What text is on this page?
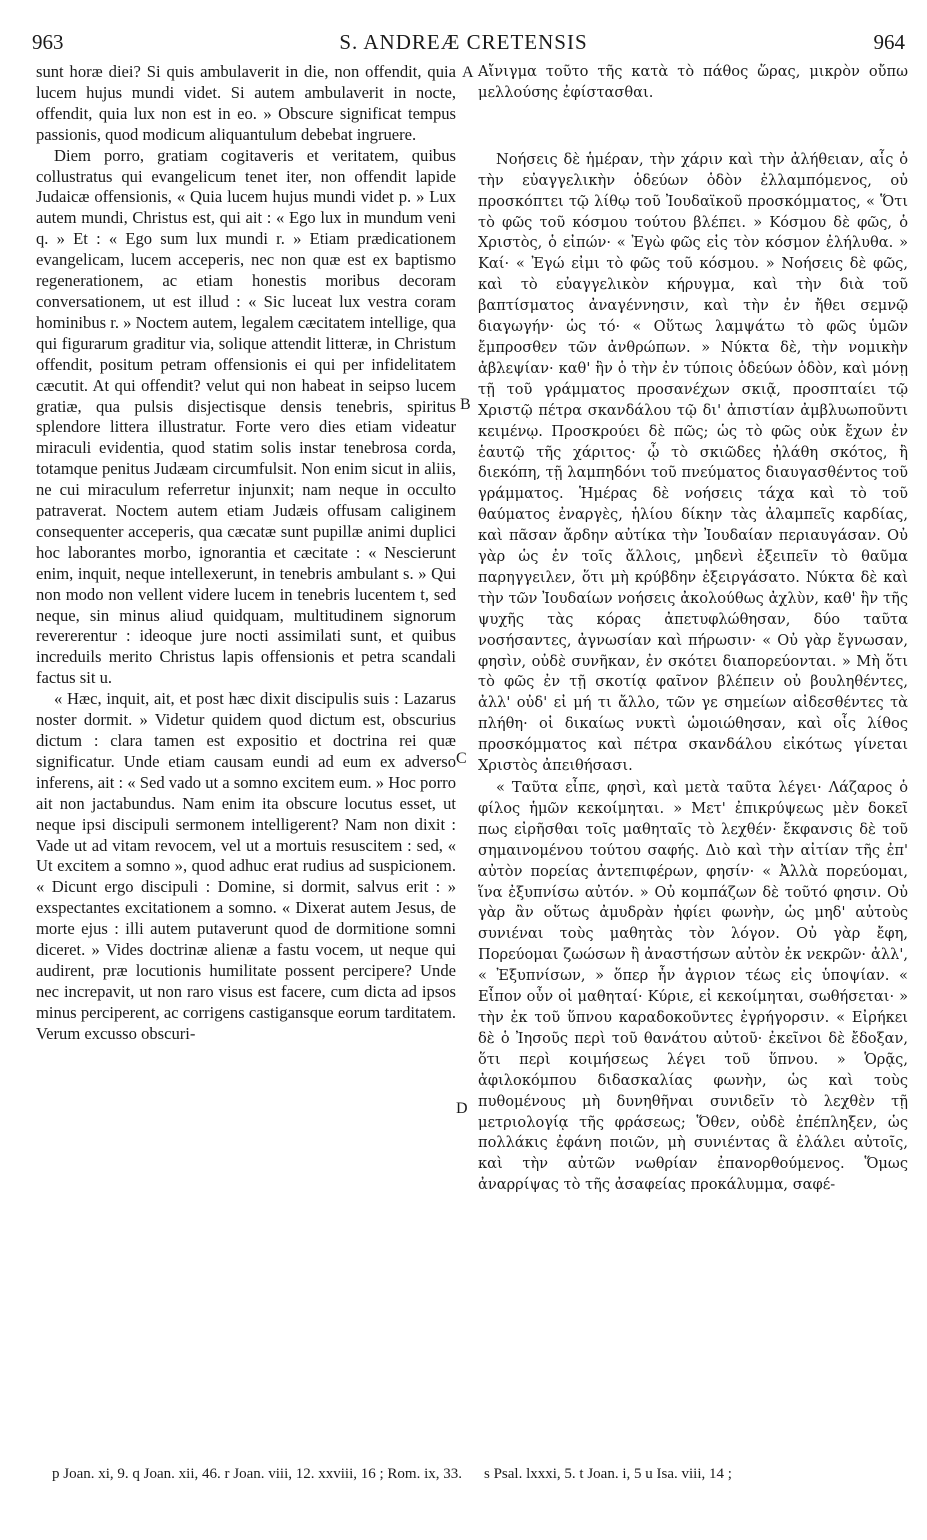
963	S. ANDREÆ CRETENSIS	964

sunt horæ diei? Si quis ambulaverit in die, non offendit, quia lucem hujus mundi videt. Si autem ambulaverit in nocte, offendit, quia lux non est in eo. » Obscure significat tempus passionis, quod modicum aliquantulum debebat ingruere.

Diem porro, gratiam cogitaveris et veritatem, quibus collustratus qui evangelicum tenet iter, non offendit lapide Judaicæ offensionis, « Quia lucem hujus mundi videt p. » Lux autem mundi, Christus est, qui ait : « Ego lux in mundum veni q. » Et : « Ego sum lux mundi r. » Etiam prædicationem evangelicam, lucem acceperis, nec non quæ est ex baptismo regenerationem, ac etiam honestis moribus decoram conversationem, ut est illud : « Sic luceat lux vestra coram hominibus r. » Noctem autem, legalem cæcitatem intellige, qua qui figurarum graditur via, solique attendit litteræ, in Christum offendit, positum petram offensionis ei qui per infidelitatem cæcutit. At qui offendit? velut qui non habeat in seipso lucem gratiæ, qua pulsis disjectisque densis tenebris, spiritus splendore littera illustratur. Forte vero dies etiam videatur miraculi evidentia, quod statim solis instar tenebrosa corda, totamque penitus Judæam circumfulsit. Non enim sicut in aliis, ne cui miraculum referretur injunxit; nam neque in occulto patraverat. Noctem autem etiam Judæis offusam caliginem consequenter acceperis, qua cæcatæ sunt pupillæ animi duplici hoc laborantes morbo, ignorantia et cæcitate : « Nescierunt enim, inquit, neque intellexerunt, in tenebris ambulant s. » Qui non modo non vellent videre lucem in tenebris lucentem t, sed neque, sin minus aliud quidquam, multitudinem signorum revererentur : ideoque jure nocti assimilati sunt, et quibus increduils merito Christus lapis offensionis et petra scandali factus sit u.

« Hæc, inquit, ait, et post hæc dixit discipulis suis : Lazarus noster dormit. » Videtur quidem quod dictum est, obscurius dictum : clara tamen est expositio et doctrina rei quæ significatur. Unde etiam causam eundi ad eum ex adverso inferens, ait : « Sed vado ut a somno excitem eum. » Hoc porro ait non jactabundus. Nam enim ita obscure locutus esset, ut neque ipsi discipuli sermonem intelligerent? Nam non dixit : Vade ut ad vitam revocem, vel ut a mortuis resuscitem : sed, « Ut excitem a somno », quod adhuc erat rudius ad suspicionem. « Dicunt ergo discipuli : Domine, si dormit, salvus erit : » exspectantes excitationem a somno. « Dixerat autem Jesus, de morte ejus : illi autem putaverunt quod de dormitione somni diceret. » Vides doctrinæ alienæ a fastu vocem, ut neque qui audirent, præ locutionis humilitate possent percipere? Unde nec increpavit, ut non raro visus est facere, cum dicta ad ipsos minus perciperent, ac corrigens castigansque eorum tarditatem. Verum excusso obscuri-

A
B
C
D

Αἴνιγμα τοῦτο τῆς κατὰ τὸ πάθος ὥρας, μικρὸν οὔπω μελλούσης ἐφίστασθαι.

Νοήσεις δὲ ἡμέραν, τὴν χάριν καὶ τὴν ἀλήθειαν, αἷς ὁ τὴν εὐαγγελικὴν ὁδεύων ὁδὸν ἐλλαμπόμενος, οὐ προσκόπτει τῷ λίθῳ τοῦ Ἰουδαϊκοῦ προσκόμματος, « Ὅτι τὸ φῶς τοῦ κόσμου τούτου βλέπει. » Κόσμου δὲ φῶς, ὁ Χριστὸς, ὁ εἰπών· « Ἐγὼ φῶς εἰς τὸν κόσμον ἐλήλυθα. » Καί· « Ἐγώ εἰμι τὸ φῶς τοῦ κόσμου. » Νοήσεις δὲ φῶς, καὶ τὸ εὐαγγελικὸν κήρυγμα, καὶ τὴν διὰ τοῦ βαπτίσματος ἀναγέννησιν, καὶ τὴν ἐν ἤθει σεμνῷ διαγωγήν· ὡς τό· « Οὕτως λαμψάτω τὸ φῶς ὑμῶν ἔμπροσθεν τῶν ἀνθρώπων. » Νύκτα δὲ, τὴν νομικὴν ἀβλεψίαν· καθ' ἣν ὁ τὴν ἐν τύποις ὁδεύων ὁδὸν, καὶ μόνῃ τῇ τοῦ γράμματος προσανέχων σκιᾷ, προσπταίει τῷ Χριστῷ πέτρα σκανδάλου τῷ δι' ἀπιστίαν ἀμβλυωποῦντι κειμένῳ. Προσκρούει δὲ πῶς; ὡς τὸ φῶς οὐκ ἔχων ἐν ἑαυτῷ τῆς χάριτος· ᾧ τὸ σκιῶδες ἠλάθη σκότος, ἢ διεκόπη, τῇ λαμπηδόνι τοῦ πνεύματος διαυγασθέντος τοῦ γράμματος. Ἡμέρας δὲ νοήσεις τάχα καὶ τὸ τοῦ θαύματος ἐναργὲς, ἡλίου δίκην τὰς ἀλαμπεῖς καρδίας, καὶ πᾶσαν ἄρδην αὐτίκα τὴν Ἰουδαίαν περιαυγάσαν. Οὐ γὰρ ὡς ἐν τοῖς ἄλλοις, μηδενὶ ἐξειπεῖν τὸ θαῦμα παρηγγειλεν, ὅτι μὴ κρύβδην ἐξειργάσατο. Νύκτα δὲ καὶ τὴν τῶν Ἰουδαίων νοήσεις ἀκολούθως ἀχλὺν, καθ' ἣν τῆς ψυχῆς τὰς κόρας ἀπετυφλώθησαν, δύο ταῦτα νοσήσαντες, ἀγνωσίαν καὶ πήρωσιν· « Οὐ γὰρ ἔγνωσαν, φησὶν, οὐδὲ συνῆκαν, ἐν σκότει διαπορεύονται. » Μὴ ὅτι τὸ φῶς ἐν τῇ σκοτίᾳ φαῖνον βλέπειν οὐ βουληθέντες, ἀλλ' οὐδ' εἰ μή τι ἄλλο, τῶν γε σημείων αἰδεσθέντες τὰ πλήθη· οἱ δικαίως νυκτὶ ὡμοιώθησαν, καὶ οἷς λίθος προσκόμματος καὶ πέτρα σκανδάλου εἰκότως γίνεται Χριστὸς ἀπειθήσασι.

« Ταῦτα εἶπε, φησὶ, καὶ μετὰ ταῦτα λέγει· Λάζαρος ὁ φίλος ἡμῶν κεκοίμηται. » Μετ' ἐπικρύψεως μὲν δοκεῖ πως εἰρῆσθαι τοῖς μαθηταῖς τὸ λεχθέν· ἔκφανσις δὲ τοῦ σημαινομένου τούτου σαφής. Διὸ καὶ τὴν αἰτίαν τῆς ἐπ' αὐτὸν πορείας ἀντεπιφέρων, φησίν· « Ἀλλὰ πορεύομαι, ἵνα ἐξυπνίσω αὐτόν. » Οὐ κομπάζων δὲ τοῦτό φησιν. Οὐ γὰρ ἂν οὕτως ἀμυδρὰν ἠφίει φωνὴν, ὡς μηδ' αὐτοὺς συνιέναι τοὺς μαθητὰς τὸν λόγον. Οὐ γὰρ ἔφη, Πορεύομαι ζωώσων ἢ ἀναστήσων αὐτὸν ἐκ νεκρῶν· ἀλλ', « Ἐξυπνίσων, » ὅπερ ἦν ἀγριον τέως εἰς ὑποψίαν. « Εἶπον οὖν οἱ μαθηταί· Κύριε, εἰ κεκοίμηται, σωθήσεται· » τὴν ἐκ τοῦ ὕπνου καραδοκοῦντες ἐγρήγορσιν. « Εἰρήκει δὲ ὁ Ἰησοῦς περὶ τοῦ θανάτου αὐτοῦ· ἐκεῖνοι δὲ ἔδοξαν, ὅτι περὶ κοιμήσεως λέγει τοῦ ὕπνου. » Ὁρᾷς, ἀφιλοκόμπου διδασκαλίας φωνὴν, ὡς καὶ τοὺς πυθομένους μὴ δυνηθῆναι συνιδεῖν τὸ λεχθὲν τῇ μετριολογίᾳ τῆς φράσεως; Ὅθεν, οὐδὲ ἐπέπληξεν, ὡς πολλάκις ἐφάνη ποιῶν, μὴ συνιέντας ἃ ἐλάλει αὐτοῖς, καὶ τὴν αὐτῶν νωθρίαν ἐπανορθούμενος. Ὅμως ἀναρρίψας τὸ τῆς ἀσαφείας προκάλυμμα, σαφέ-

p Joan. xi, 9. q Joan. xii, 46. r Joan. viii, 12. xxviii, 16 ; Rom. ix, 33. s Psal. lxxxi, 5. t Joan. i, 5 u Isa. viii, 14 ;
